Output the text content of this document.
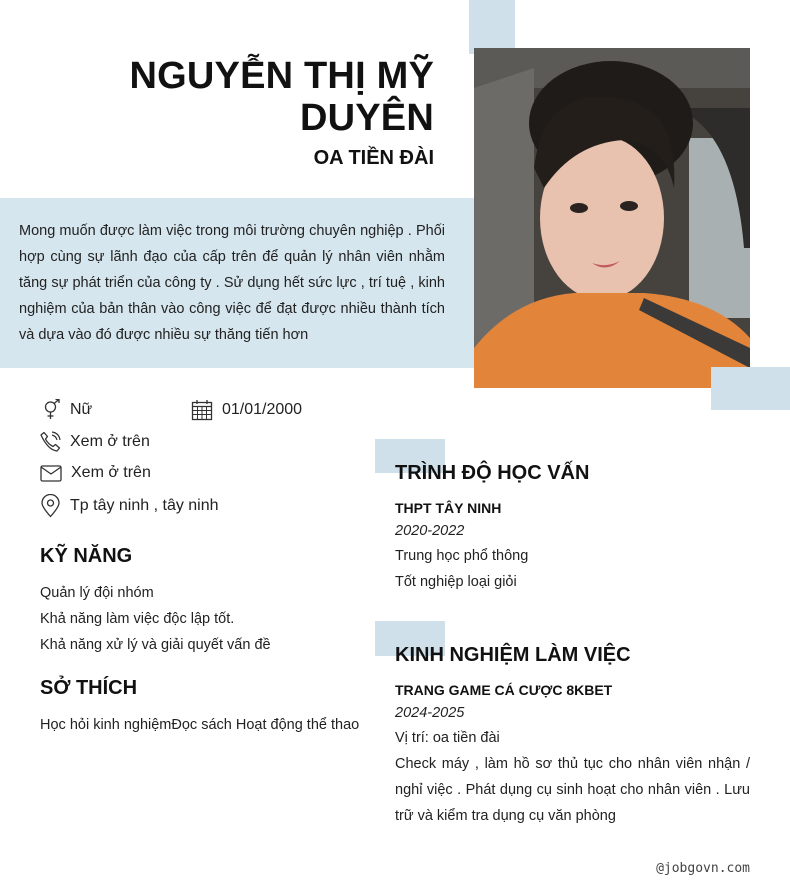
NGUYỄN THỊ MỸ DUYÊN
OA TIỀN ĐÀI
Mong muốn được làm việc trong môi trường chuyên nghiệp . Phối hợp cùng sự lãnh đạo của cấp trên để quản lý nhân viên nhằm tăng sự phát triển của công ty . Sử dụng hết sức lực , trí tuệ , kinh nghiệm của bản thân vào công việc để đạt được nhiều thành tích và dựa vào đó được nhiều sự thăng tiến hơn
Nữ	01/01/2000
Xem ở trên
Xem ở trên
Tp tây ninh , tây ninh
KỸ NĂNG
Quản lý đội nhóm
Khả năng làm việc độc lập tốt.
Khả năng xử lý và giải quyết vấn đề
SỞ THÍCH
Học hỏi kinh nghiệmĐọc sách Hoạt động thể thao
TRÌNH ĐỘ HỌC VẤN
THPT TÂY NINH
2020-2022
Trung học phổ thông
Tốt nghiệp loại giỏi
KINH NGHIỆM LÀM VIỆC
TRANG GAME CÁ CƯỢC 8KBET
2024-2025
Vị trí: oa tiền đài
Check máy , làm hồ sơ thủ tục cho nhân viên nhận / nghỉ việc . Phát dụng cụ sinh hoạt cho nhân viên . Lưu trữ và kiểm tra dụng cụ văn phòng
@jobgovn.com
